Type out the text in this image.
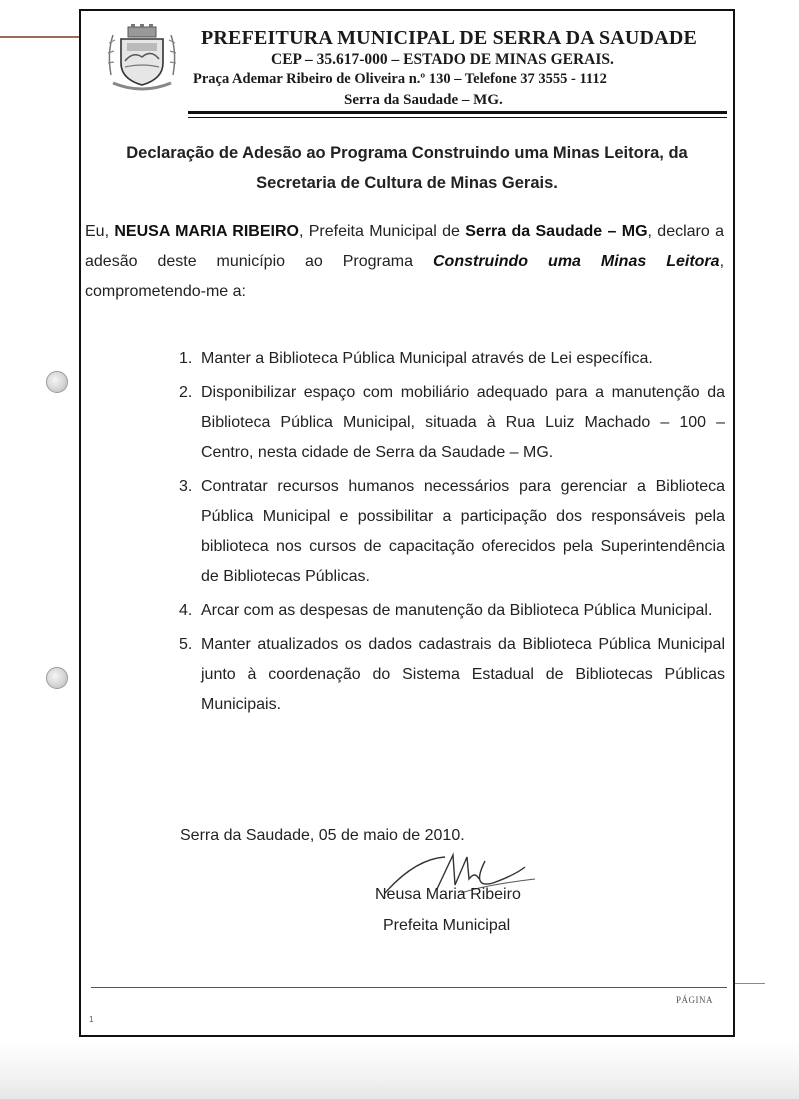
PREFEITURA MUNICIPAL DE SERRA DA SAUDADE
CEP – 35.617-000 – ESTADO DE MINAS GERAIS.
Praça Ademar Ribeiro de Oliveira n.º 130 – Telefone 37 3555 - 1112
Serra da Saudade – MG.
Declaração de Adesão ao Programa Construindo uma Minas Leitora, da
Secretaria de Cultura de Minas Gerais.

Eu, NEUSA MARIA RIBEIRO, Prefeita Municipal de Serra da Saudade – MG, declaro a adesão deste município ao Programa Construindo uma Minas Leitora, comprometendo-me a:

1. Manter a Biblioteca Pública Municipal através de Lei específica.
2. Disponibilizar espaço com mobiliário adequado para a manutenção da Biblioteca Pública Municipal, situada à Rua Luiz Machado – 100 – Centro, nesta cidade de Serra da Saudade – MG.
3. Contratar recursos humanos necessários para gerenciar a Biblioteca Pública Municipal e possibilitar a participação dos responsáveis pela biblioteca nos cursos de capacitação oferecidos pela Superintendência de Bibliotecas Públicas.
4. Arcar com as despesas de manutenção da Biblioteca Pública Municipal.
5. Manter atualizados os dados cadastrais da Biblioteca Pública Municipal junto à coordenação do Sistema Estadual de Bibliotecas Públicas Municipais.
Serra da Saudade, 05 de maio de 2010.
Neusa Maria Ribeiro
Prefeita Municipal
PÁGINA
1
